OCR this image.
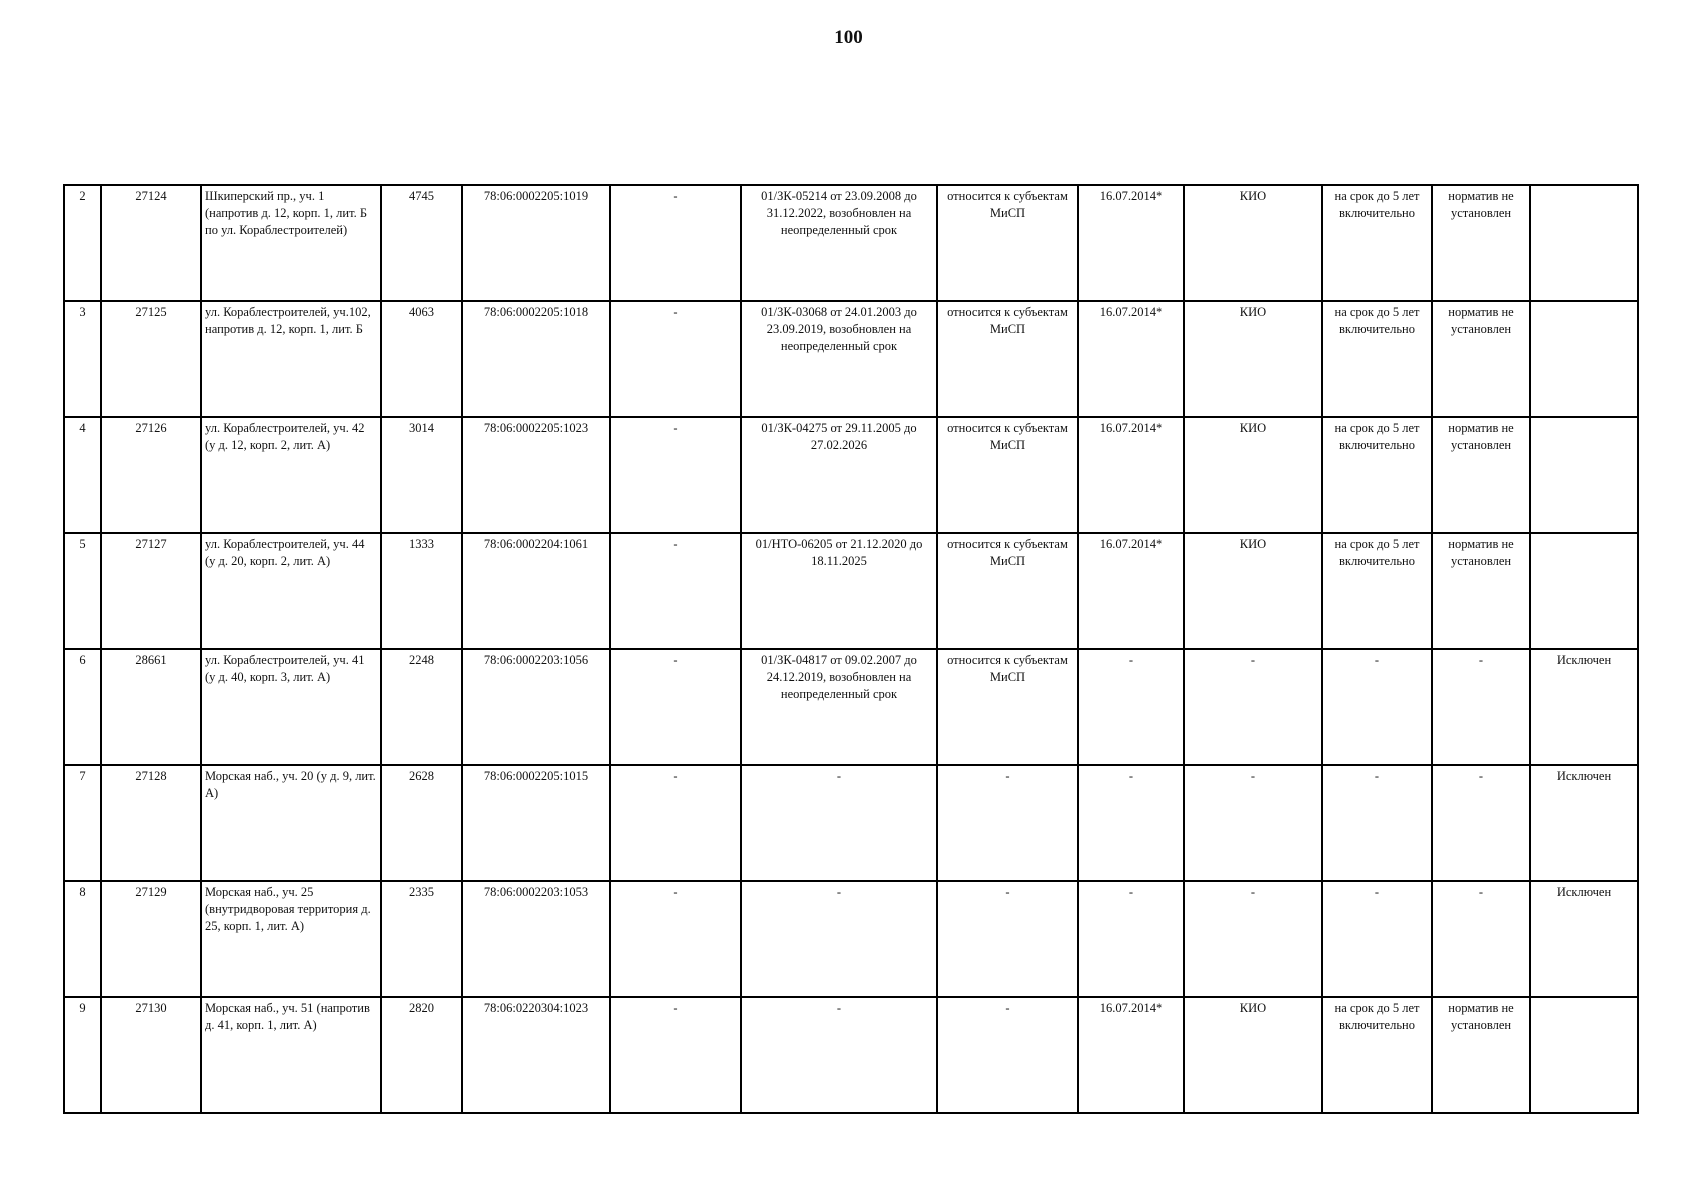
100
2	27124	Шкиперский пр., уч. 1 (напротив д. 12, корп. 1, лит. Б по ул. Кораблестроителей)	4745	78:06:0002205:1019	-	01/ЗК-05214 от 23.09.2008 до 31.12.2022, возобновлен на неопределенный срок	относится к субъектам МиСП	16.07.2014*	КИО	на срок до 5 лет включительно	норматив не установлен	
3	27125	ул. Кораблестроителей, уч.102, напротив д. 12, корп. 1, лит. Б	4063	78:06:0002205:1018	-	01/ЗК-03068 от 24.01.2003 до 23.09.2019, возобновлен на неопределенный срок	относится к субъектам МиСП	16.07.2014*	КИО	на срок до 5 лет включительно	норматив не установлен	
4	27126	ул. Кораблестроителей, уч. 42 (у д. 12, корп. 2, лит. А)	3014	78:06:0002205:1023	-	01/ЗК-04275 от 29.11.2005 до 27.02.2026	относится к субъектам МиСП	16.07.2014*	КИО	на срок до 5 лет включительно	норматив не установлен	
5	27127	ул. Кораблестроителей, уч. 44 (у д. 20, корп. 2, лит. А)	1333	78:06:0002204:1061	-	01/НТО-06205 от 21.12.2020 до 18.11.2025	относится к субъектам МиСП	16.07.2014*	КИО	на срок до 5 лет включительно	норматив не установлен	
6	28661	ул. Кораблестроителей, уч. 41 (у д. 40, корп. 3, лит. А)	2248	78:06:0002203:1056	-	01/ЗК-04817 от 09.02.2007 до 24.12.2019, возобновлен на неопределенный срок	относится к субъектам МиСП	-	-	-	-	Исключен
7	27128	Морская наб., уч. 20 (у д. 9, лит. А)	2628	78:06:0002205:1015	-	-	-	-	-	-	-	Исключен
8	27129	Морская наб., уч. 25 (внутридворовая территория д. 25, корп. 1, лит. А)	2335	78:06:0002203:1053	-	-	-	-	-	-	-	Исключен
9	27130	Морская наб., уч. 51 (напротив д. 41, корп. 1, лит. А)	2820	78:06:0220304:1023	-	-	-	16.07.2014*	КИО	на срок до 5 лет включительно	норматив не установлен	
